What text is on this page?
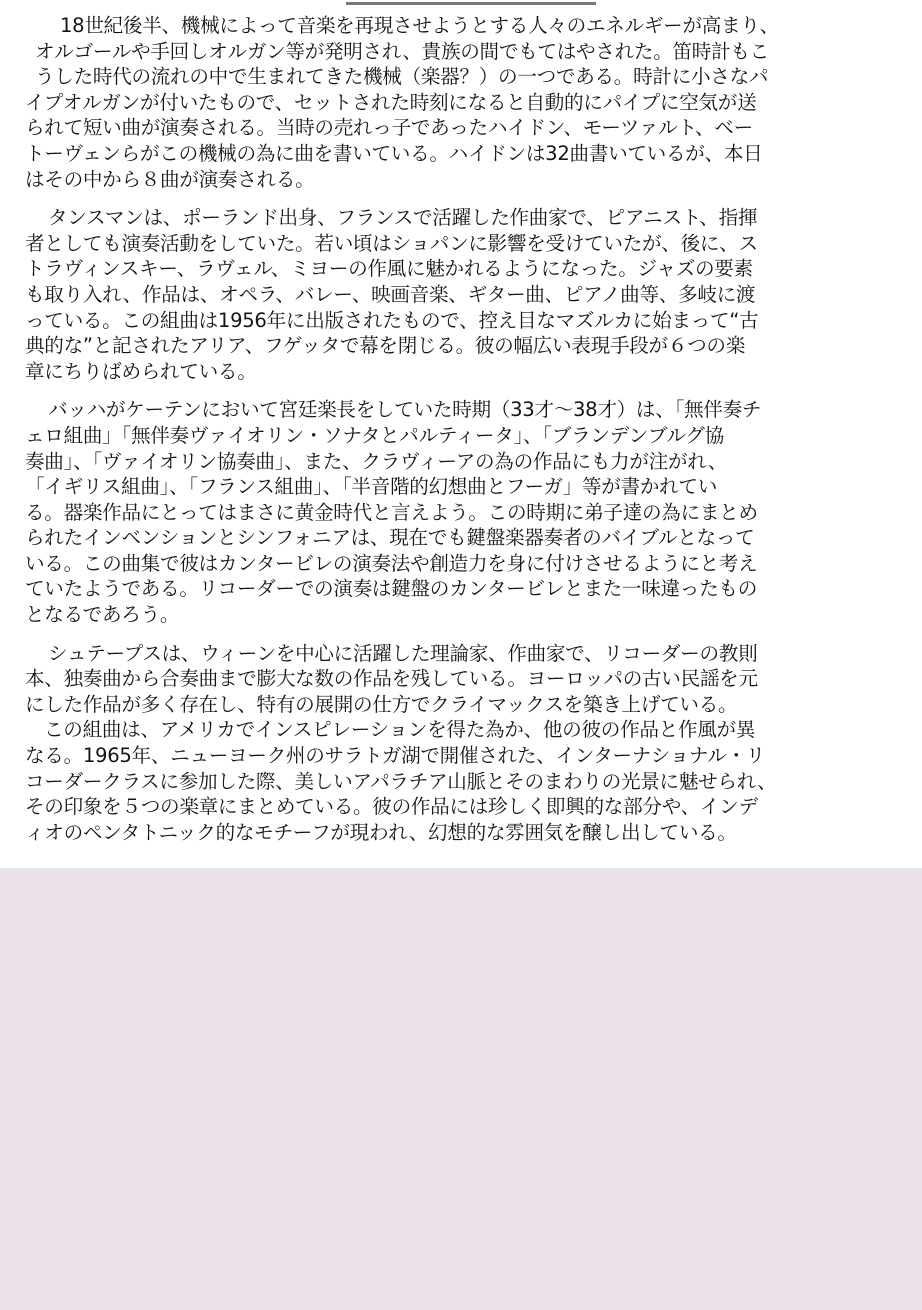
18世紀後半、機械によって音楽を再現させようとする人々のエネルギーが高まり、
オルゴールや手回しオルガン等が発明され、貴族の間でもてはやされた。笛時計もこ
うした時代の流れの中で生まれてきた機械（楽器？）の一つである。時計に小さなパ
イプオルガンが付いたもので、セットされた時刻になると自動的にパイプに空気が送
られて短い曲が演奏される。当時の売れっ子であったハイドン、モーツァルト、ベー
トーヴェンらがこの機械の為に曲を書いている。ハイドンは32曲書いているが、本日
はその中から８曲が演奏される。
タンスマンは、ポーランド出身、フランスで活躍した作曲家で、ピアニスト、指揮
者としても演奏活動をしていた。若い頃はショパンに影響を受けていたが、後に、ス
トラヴィンスキー、ラヴェル、ミヨーの作風に魅かれるようになった。ジャズの要素
も取り入れ、作品は、オペラ、バレー、映画音楽、ギター曲、ピアノ曲等、多岐に渡
っている。この組曲は1956年に出版されたもので、控え目なマズルカに始まって“古
典的な”と記されたアリア、フゲッタで幕を閉じる。彼の幅広い表現手段が６つの楽
章にちりばめられている。
バッハがケーテンにおいて宮廷楽長をしていた時期（33才～38才）は、「無伴奏チ
ェロ組曲」「無伴奏ヴァイオリン・ソナタとパルティータ」、「ブランデンブルグ協
奏曲」、「ヴァイオリン協奏曲」、また、クラヴィーアの為の作品にも力が注がれ、
「イギリス組曲」、「フランス組曲」、「半音階的幻想曲とフーガ」等が書かれてい
る。器楽作品にとってはまさに黄金時代と言えよう。この時期に弟子達の為にまとめ
られたインベンションとシンフォニアは、現在でも鍵盤楽器奏者のバイブルとなって
いる。この曲集で彼はカンタービレの演奏法や創造力を身に付けさせるようにと考え
ていたようである。リコーダーでの演奏は鍵盤のカンタービレとまた一味違ったもの
となるであろう。
シュテープスは、ウィーンを中心に活躍した理論家、作曲家で、リコーダーの教則
本、独奏曲から合奏曲まで膨大な数の作品を残している。ヨーロッパの古い民謡を元
にした作品が多く存在し、特有の展開の仕方でクライマックスを築き上げている。
この組曲は、アメリカでインスピレーションを得た為か、他の彼の作品と作風が異
なる。1965年、ニューヨーク州のサラトガ湖で開催された、インターナショナル・リ
コーダークラスに参加した際、美しいアパラチア山脈とそのまわりの光景に魅せられ、
その印象を５つの楽章にまとめている。彼の作品には珍しく即興的な部分や、インデ
ィオのペンタトニック的なモチーフが現われ、幻想的な雰囲気を醸し出している。
